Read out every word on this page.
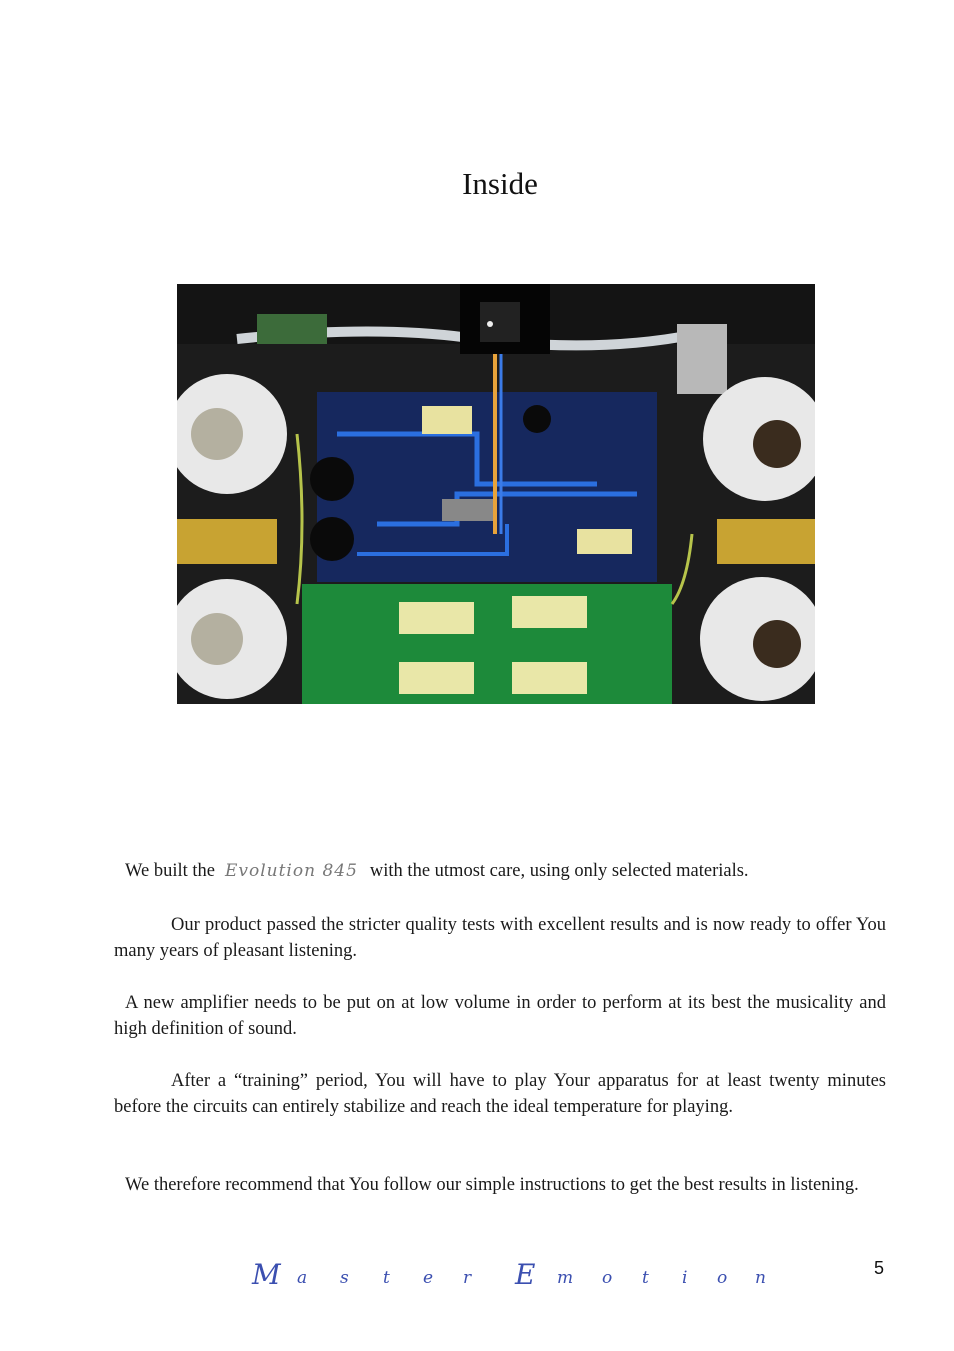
Inside
We built the Evolution 845 with the utmost care, using only selected materials.
Our product passed the stricter quality tests with excellent results and is now ready to offer You many years of pleasant listening.
A new amplifier needs to be put on at low volume in order to perform at its best the musicality and high definition of sound.
After a “training” period, You will have to play Your apparatus for at least twenty minutes before the circuits can entirely stabilize and reach the ideal temperature for playing.
We therefore recommend that You follow our simple instructions to get the best results in listening.
M a s t e r E m o t i o n	5
